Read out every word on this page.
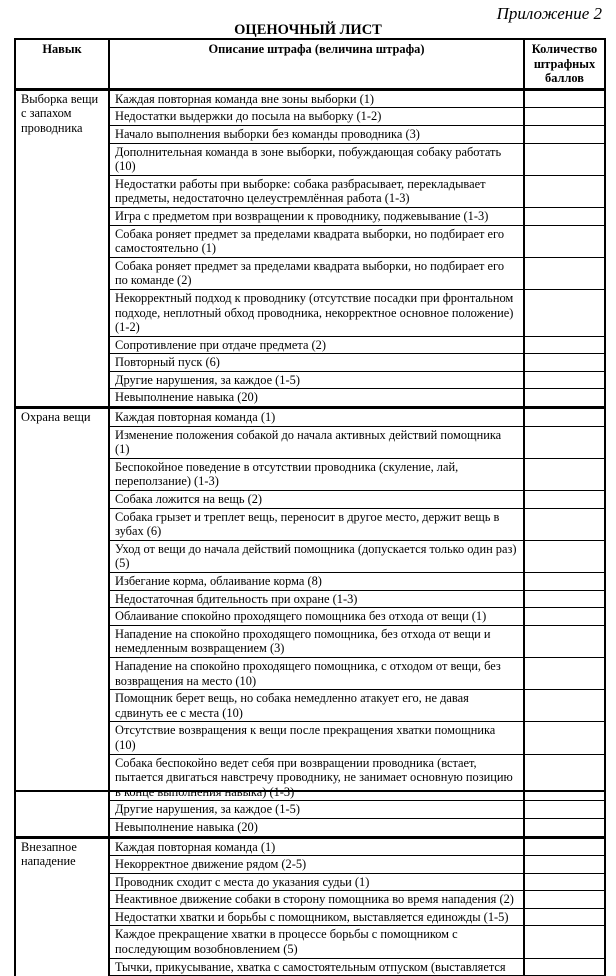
Приложение 2
ОЦЕНОЧНЫЙ ЛИСТ
Навык	Описание штрафа (величина штрафа)	Количество штрафных баллов
Выборка вещи с запахом проводника	Каждая повторная команда вне зоны выборки (1)	
	Недостатки выдержки до посыла на выборку (1-2)	
	Начало выполнения выборки без команды проводника (3)	
	Дополнительная команда в зоне выборки, побуждающая собаку работать (10)	
	Недостатки работы при выборке: собака разбрасывает, перекладывает предметы, недостаточно целеустремлённая работа (1-3)	
	Игра с предметом при возвращении к проводнику, поджевывание (1-3)	
	Собака роняет предмет за пределами квадрата выборки, но подбирает его самостоятельно (1)	
	Собака роняет предмет за пределами квадрата выборки, но подбирает его по команде (2)	
	Некорректный подход к проводнику (отсутствие посадки при фронтальном подходе, неплотный обход проводника, некорректное основное положение) (1-2)	
	Сопротивление при отдаче предмета (2)	
	Повторный пуск (6)	
	Другие нарушения, за каждое (1-5)	
	Невыполнение навыка (20)	
Охрана вещи	Каждая повторная команда (1)	
	Изменение положения собакой до начала активных действий помощника (1)	
	Беспокойное поведение в отсутствии проводника (скуление, лай, переползание) (1-3)	
	Собака ложится на вещь (2)	
	Собака грызет и треплет вещь, переносит в другое место, держит вещь в зубах (6)	
	Уход от вещи до начала действий помощника (допускается только один раз) (5)	
	Избегание корма, облаивание корма (8)	
	Недостаточная бдительность при охране (1-3)	
	Облаивание спокойно проходящего помощника без отхода от вещи (1)	
	Нападение на спокойно проходящего помощника, без отхода от вещи и немедленным возвращением (3)	
	Нападение на спокойно проходящего помощника, с отходом от вещи, без возвращения на место (10)	
	Помощник берет вещь, но собака немедленно атакует его, не давая сдвинуть ее с места (10)	
	Отсутствие возвращения к вещи после прекращения хватки помощника (10)	
	Собака беспокойно ведет себя при возвращении проводника (встает, пытается двигаться навстречу проводнику, не занимает основную позицию в конце выполнения навыка) (1-3)	
	Другие нарушения, за каждое (1-5)	
	Невыполнение навыка (20)	
Внезапное нападение	Каждая повторная команда (1)	
	Некорректное движение рядом (2-5)	
	Проводник сходит с места до указания судьи (1)	
	Неактивное движение собаки в сторону помощника во время нападения (2)	
	Недостатки хватки и борьбы с помощником, выставляется единожды (1-5)	
	Каждое прекращение хватки в процессе борьбы с помощником с последующим возобновлением (5)	
	Тычки, прикусывание, хватка с самостоятельным отпуском (выставляется	
